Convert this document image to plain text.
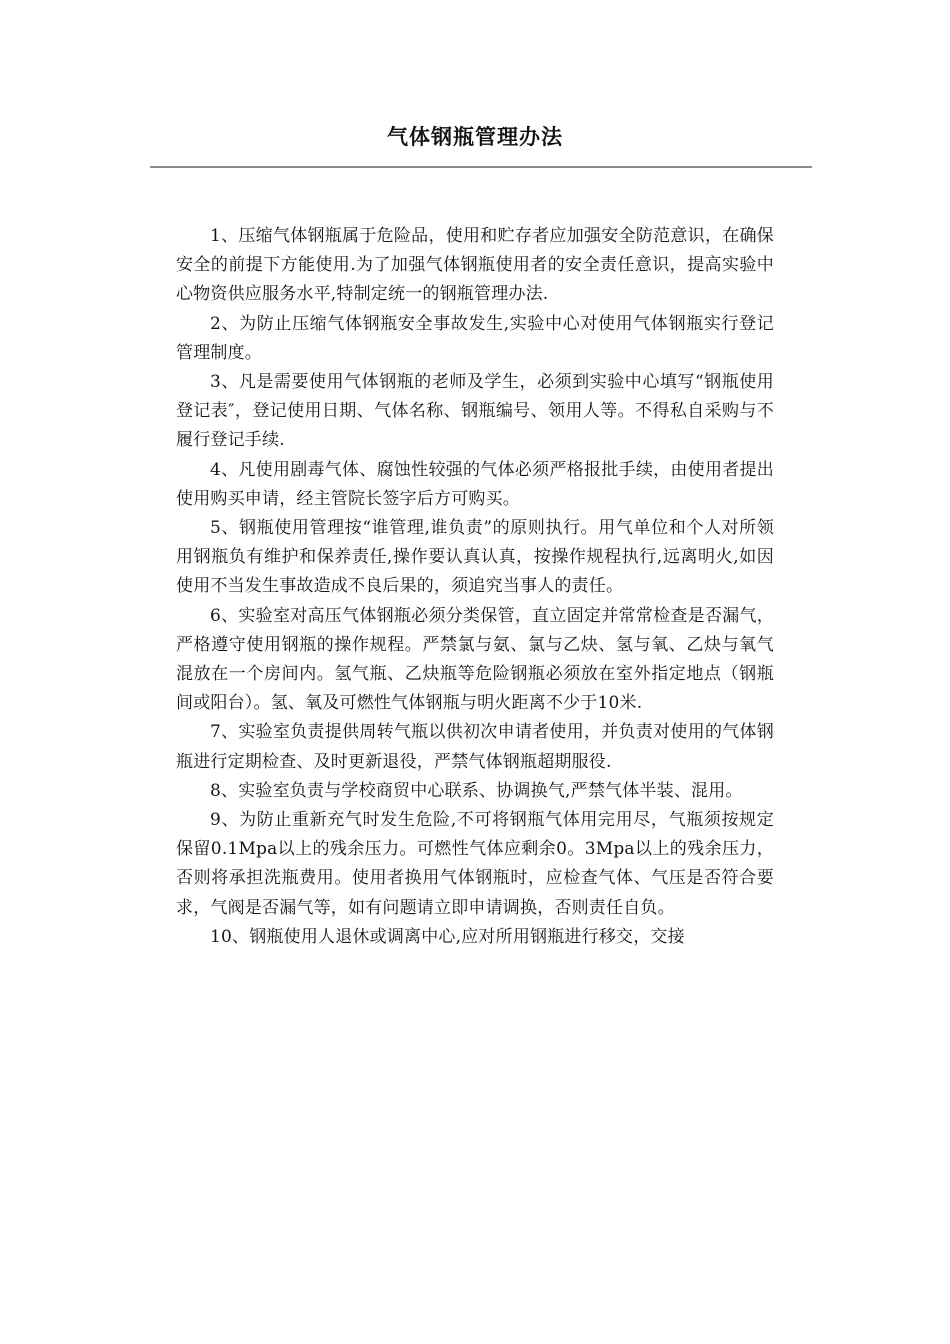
气体钢瓶管理办法

1、压缩气体钢瓶属于危险品，使用和贮存者应加强安全防范意识，在确保安全的前提下方能使用.为了加强气体钢瓶使用者的安全责任意识，提高实验中心物资供应服务水平,特制定统一的钢瓶管理办法.

2、为防止压缩气体钢瓶安全事故发生,实验中心对使用气体钢瓶实行登记管理制度。

3、凡是需要使用气体钢瓶的老师及学生，必须到实验中心填写“钢瓶使用登记表″，登记使用日期、气体名称、钢瓶编号、领用人等。不得私自采购与不履行登记手续.

4、凡使用剧毒气体、腐蚀性较强的气体必须严格报批手续，由使用者提出使用购买申请，经主管院长签字后方可购买。

5、钢瓶使用管理按“谁管理,谁负责”的原则执行。用气单位和个人对所领用钢瓶负有维护和保养责任,操作要认真认真，按操作规程执行,远离明火,如因使用不当发生事故造成不良后果的，须追究当事人的责任。

6、实验室对高压气体钢瓶必须分类保管，直立固定并常常检查是否漏气，严格遵守使用钢瓶的操作规程。严禁氯与氨、氯与乙炔、氢与氧、乙炔与氧气混放在一个房间内。氢气瓶、乙炔瓶等危险钢瓶必须放在室外指定地点（钢瓶间或阳台）。氢、氧及可燃性气体钢瓶与明火距离不少于10米.

7、实验室负责提供周转气瓶以供初次申请者使用，并负责对使用的气体钢瓶进行定期检查、及时更新退役，严禁气体钢瓶超期服役.

8、实验室负责与学校商贸中心联系、协调换气,严禁气体半装、混用。

9、为防止重新充气时发生危险,不可将钢瓶气体用完用尽，气瓶须按规定保留0.1Mpa以上的残余压力。可燃性气体应剩余0。3Mpa以上的残余压力，否则将承担洗瓶费用。使用者换用气体钢瓶时，应检查气体、气压是否符合要求，气阀是否漏气等，如有问题请立即申请调换，否则责任自负。

10、钢瓶使用人退休或调离中心,应对所用钢瓶进行移交，交接
